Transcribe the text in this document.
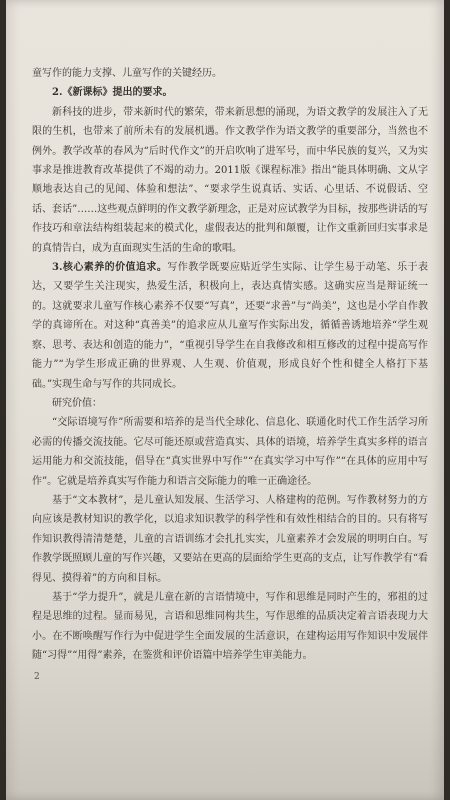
童写作的能力支撑、儿童写作的关键经历。

2.《新课标》提出的要求。

新科技的进步，带来新时代的繁荣，带来新思想的涌现，为语文教学的发展注入了无限的生机，也带来了前所未有的发展机遇。作文教学作为语文教学的重要部分，当然也不例外。教学改革的春风为“后时代作文”的开启吹响了进军号，而中华民族的复兴，又为实事求是推进教育改革提供了不竭的动力。2011版《课程标准》指出“能具体明确、文从字顺地表达自己的见闻、体验和想法”、“要求学生说真话、实话、心里话、不说假话、空话、套话”……这些观点鲜明的作文教学新理念，正是对应试教学为目标，按那些讲话的写作技巧和章法结构组装起来的模式化，虚假表达的批判和颠覆，让作文重新回归实事求是的真情告白，成为直面现实生活的生命的歌唱。

3.核心素养的价值追求。写作教学既要应贴近学生实际、让学生易于动笔、乐于表达，又要学生关注现实，热爱生活，积极向上，表达真情实感。这确实应当是辩证统一的。这就要求儿童写作核心素养不仅要“写真”，还要“求善”与“尚美”，这也是小学自作教学的真谛所在。对这种“真善美”的追求应从儿童写作实际出发，循循善诱地培养“学生观察、思考、表达和创造的能力”，“重视引导学生在自我修改和相互修改的过程中提高写作能力”“为学生形成正确的世界观、人生观、价值观，形成良好个性和健全人格打下基础。”实现生命与写作的共同成长。

研究价值：

“交际语境写作”所需要和培养的是当代全球化、信息化、联通化时代工作生活学习所必需的传播交流技能。它尽可能还原或营造真实、具体的语境，培养学生真实多样的语言运用能力和交流技能，倡导在“真实世界中写作”“在真实学习中写作”“在具体的应用中写作”。它就是培养真实写作能力和语言交际能力的唯一正确途径。

基于“文本教材”，是儿童认知发展、生活学习、人格建构的范例。写作教材努力的方向应该是教材知识的教学化，以追求知识教学的科学性和有效性相结合的目的。只有将写作知识教得清清楚楚，儿童的言语训练才会扎扎实实，儿童素养才会发展的明明白白。写作教学既照顾儿童的写作兴趣，又要站在更高的层面给学生更高的支点，让写作教学有“看得见、摸得着”的方向和目标。

基于“学力提升”，就是儿童在新的言语情境中，写作和思维是同时产生的，邪祖的过程是思维的过程。显而易见，言语和思维同构共生，写作思维的品质决定着言语表现力大小。在不断唤醒写作行为中促进学生全面发展的生活意识，在建构运用写作知识中发展伴随“习得”“用得”素养，在鉴赏和评价语篇中培养学生审美能力。

2
